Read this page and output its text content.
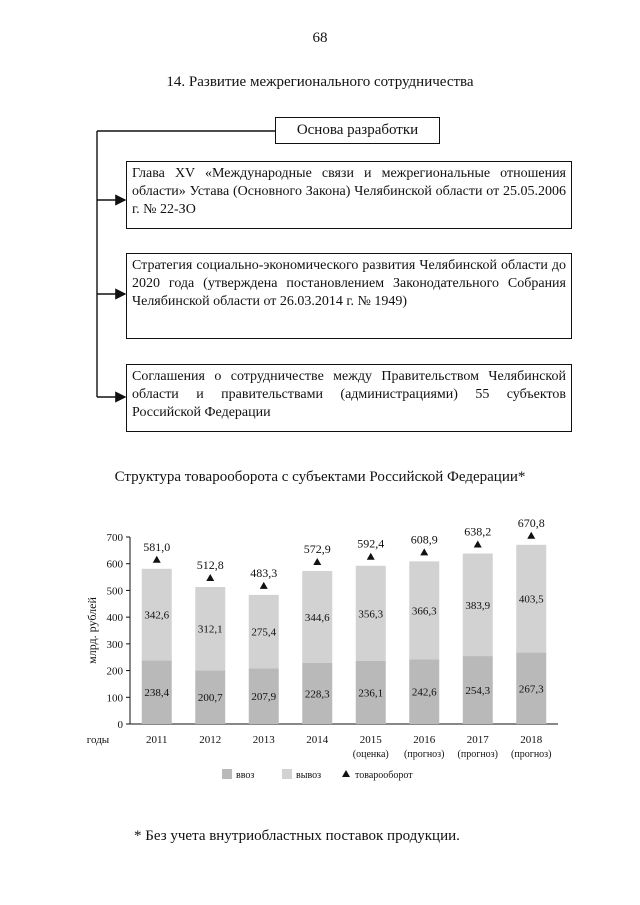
68
14. Развитие межрегионального сотрудничества
Основа разработки
Глава XV «Международные связи и межрегиональные отношения области» Устава (Основного Закона) Челябинской области от 25.05.2006 г. № 22-ЗО
Стратегия социально-экономического развития Челябинской области до 2020 года (утверждена постановлением Законодательного Собрания Челябинской области от 26.03.2014 г. № 1949)
Соглашения о сотрудничестве между Правительством Челябинской области и правительствами (администрациями) 55 субъектов Российской Федерации
Структура товарооборота с субъектами Российской Федерации*
0
100
200
300
400
500
600
700
млрд. рублей
годы
238,4
342,6
581,0
2011
200,7
312,1
512,8
2012
207,9
275,4
483,3
2013
228,3
344,6
572,9
2014
236,1
356,3
592,4
2015
(оценка)
242,6
366,3
608,9
2016
(прогноз)
254,3
383,9
638,2
2017
(прогноз)
267,3
403,5
670,8
2018
(прогноз)
ввоз	вывоз	товарооборот
* Без учета внутриобластных поставок продукции.
